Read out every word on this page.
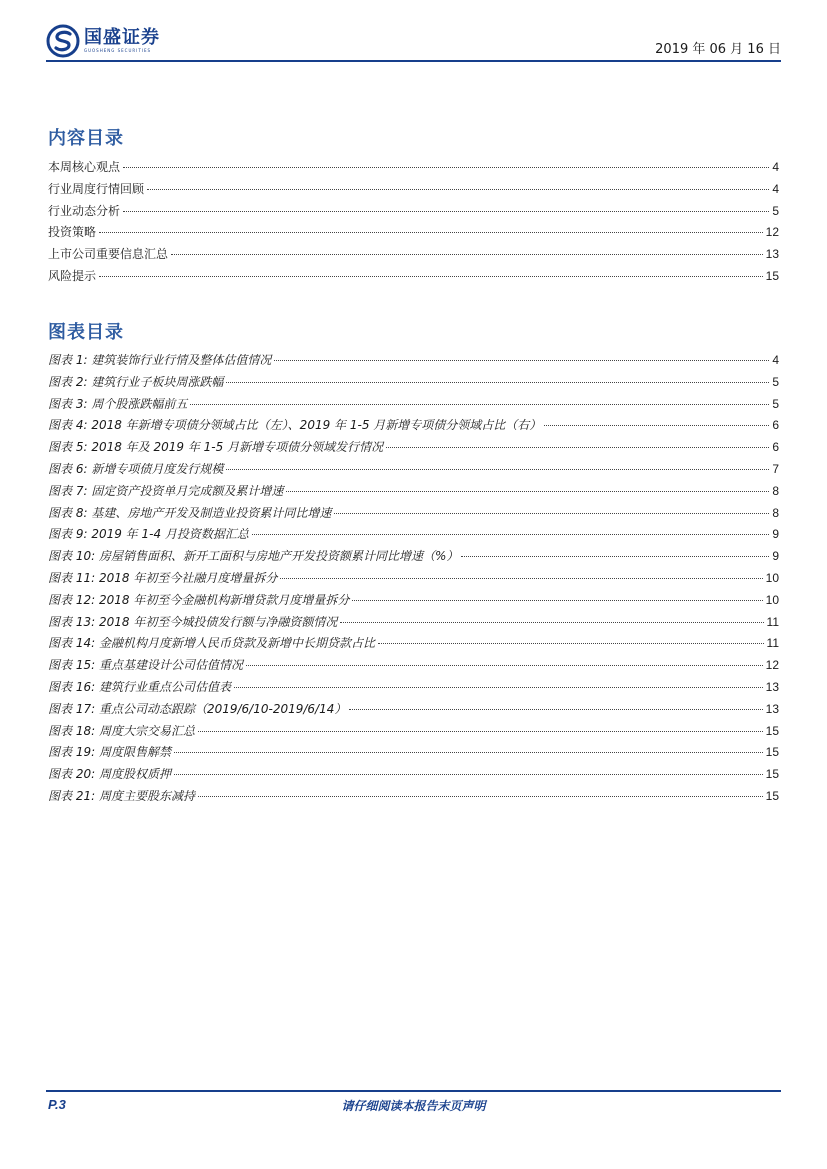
国盛证券
GUOSHENG SECURITIES	2019 年 06 月 16 日
内容目录
本周核心观点	4
行业周度行情回顾	4
行业动态分析	5
投资策略	12
上市公司重要信息汇总	13
风险提示	15
图表目录
图表 1: 建筑装饰行业行情及整体估值情况	4
图表 2: 建筑行业子板块周涨跌幅	5
图表 3: 周个股涨跌幅前五	5
图表 4: 2018 年新增专项债分领域占比（左）、2019 年 1-5 月新增专项债分领域占比（右）	6
图表 5: 2018 年及 2019 年 1-5 月新增专项债分领域发行情况	6
图表 6: 新增专项债月度发行规模	7
图表 7: 固定资产投资单月完成额及累计增速	8
图表 8: 基建、房地产开发及制造业投资累计同比增速	8
图表 9: 2019 年 1-4 月投资数据汇总	9
图表 10: 房屋销售面积、新开工面积与房地产开发投资额累计同比增速（%）	9
图表 11: 2018 年初至今社融月度增量拆分	10
图表 12: 2018 年初至今金融机构新增贷款月度增量拆分	10
图表 13: 2018 年初至今城投债发行额与净融资额情况	11
图表 14: 金融机构月度新增人民币贷款及新增中长期贷款占比	11
图表 15: 重点基建设计公司估值情况	12
图表 16: 建筑行业重点公司估值表	13
图表 17: 重点公司动态跟踪（2019/6/10-2019/6/14）	13
图表 18: 周度大宗交易汇总	15
图表 19: 周度限售解禁	15
图表 20: 周度股权质押	15
图表 21: 周度主要股东减持	15
P.3	请仔细阅读本报告末页声明
